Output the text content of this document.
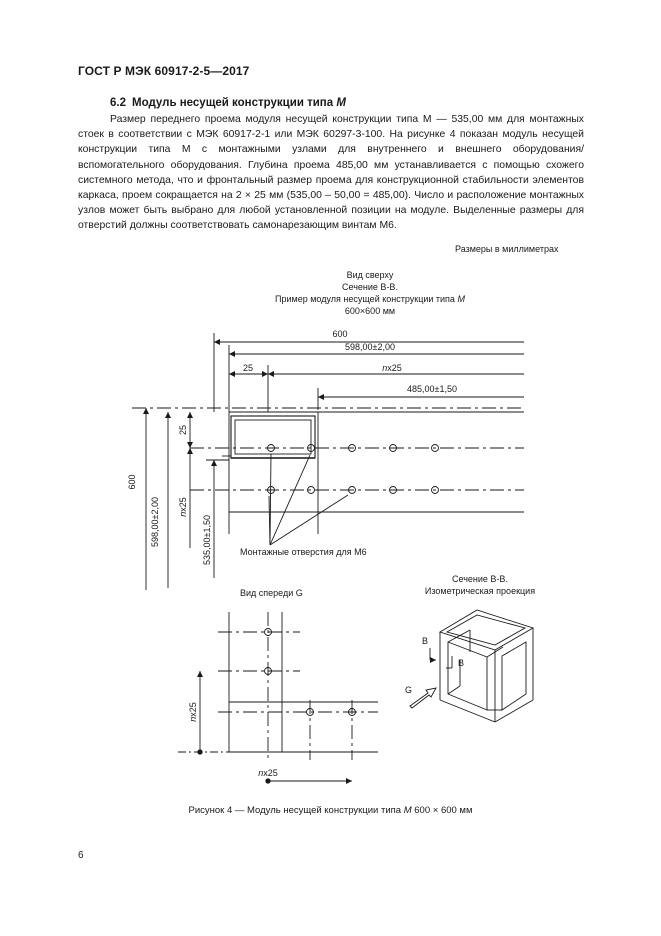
ГОСТ Р МЭК 60917-2-5—2017
6.2 Модуль несущей конструкции типа M
Размер переднего проема модуля несущей конструкции типа M — 535,00 мм для монтажных стоек в соответствии с МЭК 60917-2-1 или МЭК 60297-3-100. На рисунке 4 показан модуль несущей конструкции типа M с монтажными узлами для внутреннего и внешнего оборудования/вспомогательного оборудования. Глубина проема 485,00 мм устанавливается с помощью схожего системного метода, что и фронтальный размер проема для конструкционной стабильности элементов каркаса, проем сокращается на 2 × 25 мм (535,00 – 50,00 = 485,00). Число и расположение монтажных узлов может быть выбрано для любой установленной позиции на модуле. Выделенные размеры для отверстий должны соответствовать самонарезающим винтам М6.
Размеры в миллиметрах
Вид сверху
Сечение В-В.
Пример модуля несущей конструкции типа M
600×600 мм
600
598,00±2,00
25	nx25
485,00±1,50
600
598,00±2,00
25
nx25
535,00±1,50	Монтажные отверстия для М6
Вид спереди G
nx25
nx25
Сечение В-В.
Изометрическая проекция
B
B
G
Рисунок 4 — Модуль несущей конструкции типа M 600 × 600 мм
6
